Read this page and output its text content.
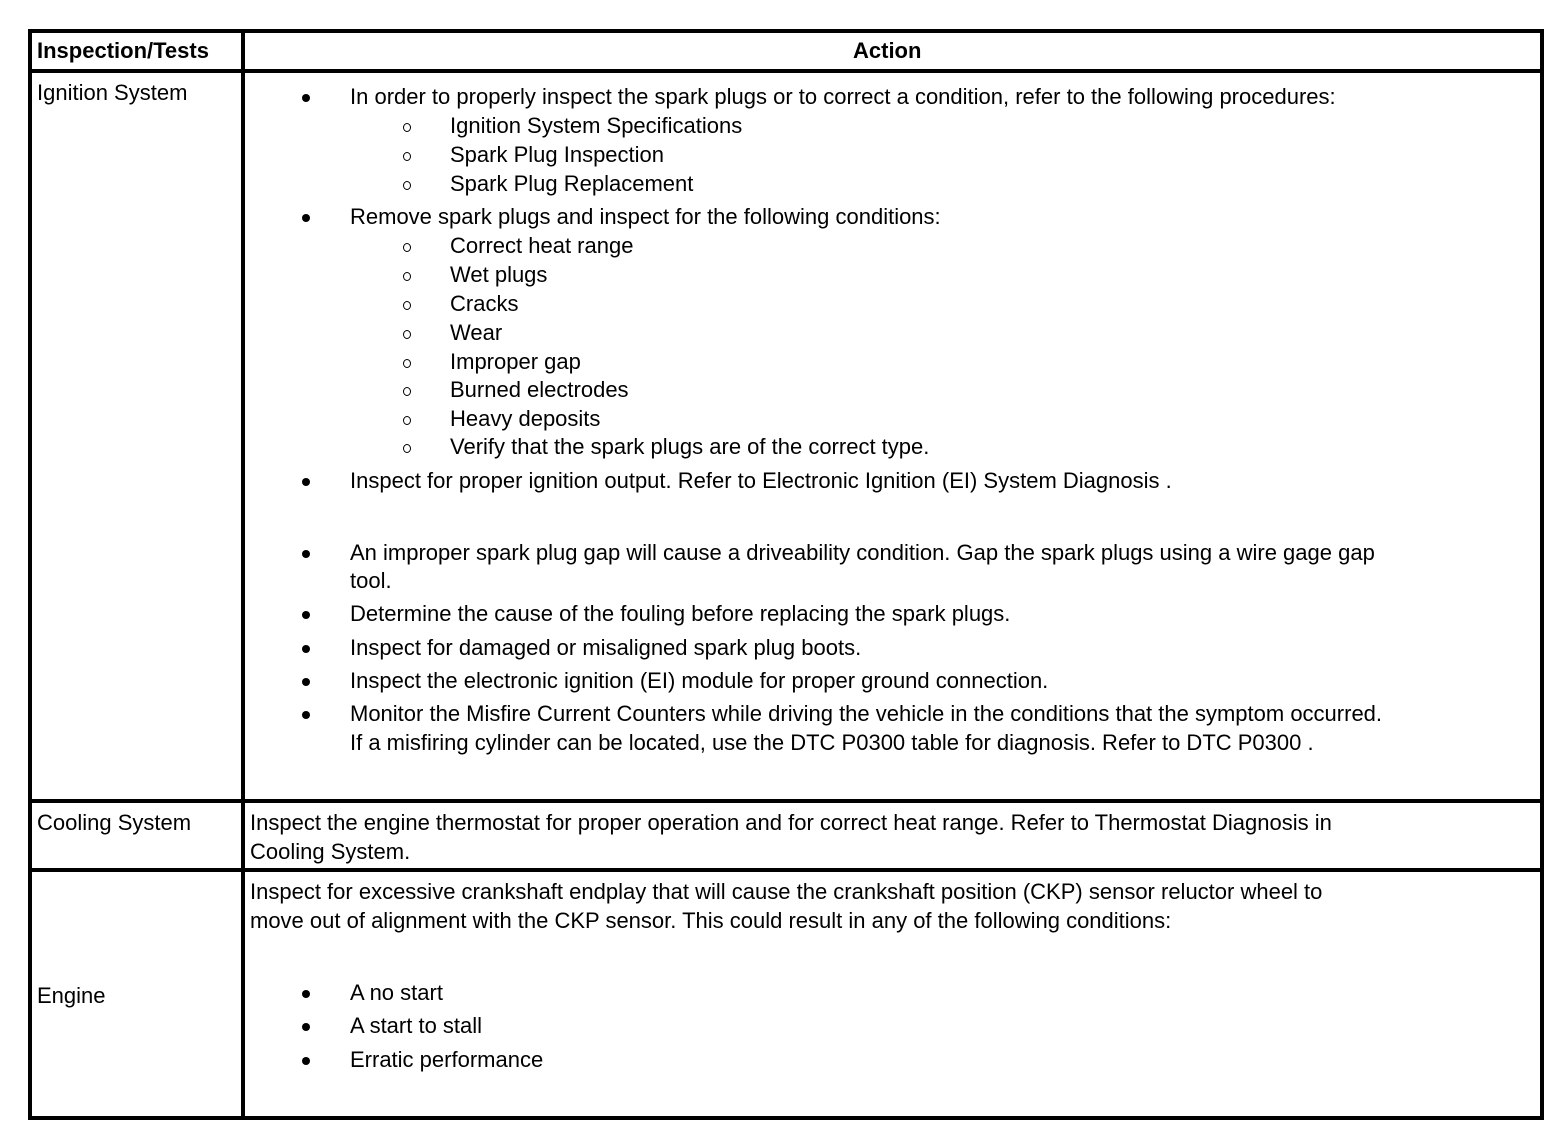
Inspection/Tests	Action
Ignition System
Cooling System
Engine
In order to properly inspect the spark plugs or to correct a condition, refer to the following procedures:
Ignition System Specifications
Spark Plug Inspection
Spark Plug Replacement
Remove spark plugs and inspect for the following conditions:
Correct heat range
Wet plugs
Cracks
Wear
Improper gap
Burned electrodes
Heavy deposits
Verify that the spark plugs are of the correct type.
Inspect for proper ignition output. Refer to Electronic Ignition (EI) System Diagnosis .
An improper spark plug gap will cause a driveability condition. Gap the spark plugs using a wire gage gap
tool.
Determine the cause of the fouling before replacing the spark plugs.
Inspect for damaged or misaligned spark plug boots.
Inspect the electronic ignition (EI) module for proper ground connection.
Monitor the Misfire Current Counters while driving the vehicle in the conditions that the symptom occurred.
If a misfiring cylinder can be located, use the DTC P0300 table for diagnosis. Refer to DTC P0300 .
Inspect the engine thermostat for proper operation and for correct heat range. Refer to Thermostat Diagnosis in
Cooling System.
Inspect for excessive crankshaft endplay that will cause the crankshaft position (CKP) sensor reluctor wheel to
move out of alignment with the CKP sensor. This could result in any of the following conditions:
A no start
A start to stall
Erratic performance
